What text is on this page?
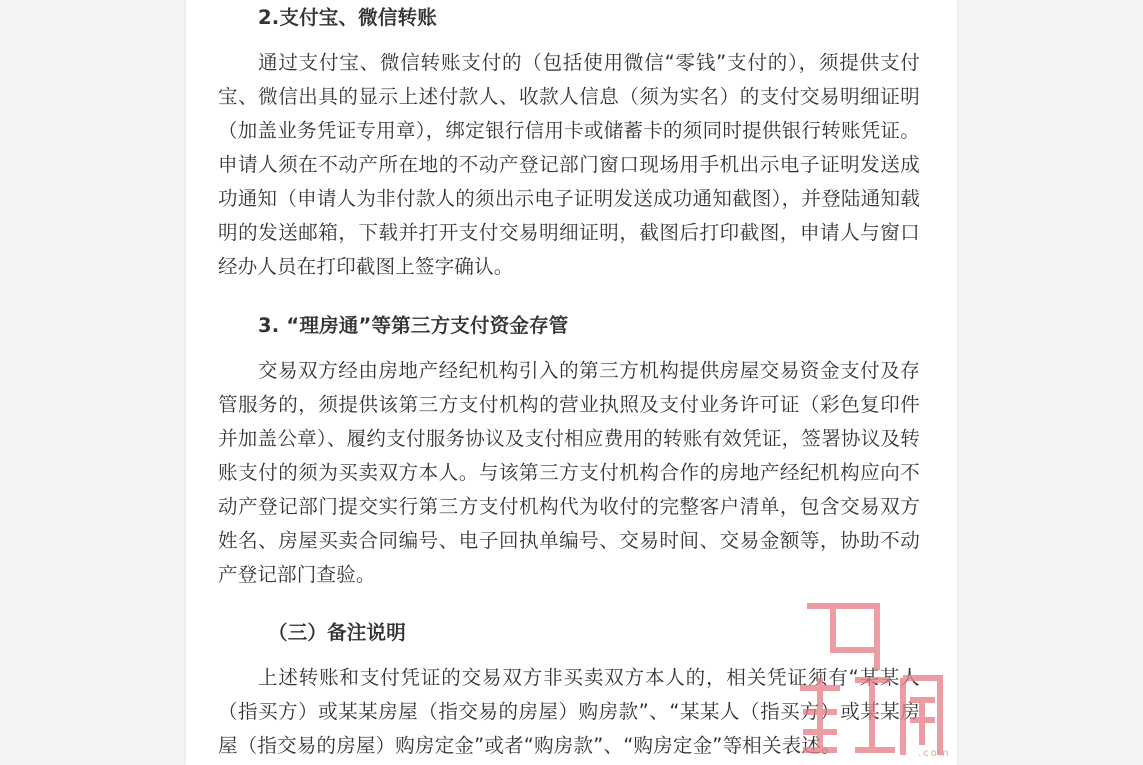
2.支付宝、微信转账

通过支付宝、微信转账支付的（包括使用微信“零钱”支付的），须提供支付宝、微信出具的显示上述付款人、收款人信息（须为实名）的支付交易明细证明（加盖业务凭证专用章），绑定银行信用卡或储蓄卡的须同时提供银行转账凭证。申请人须在不动产所在地的不动产登记部门窗口现场用手机出示电子证明发送成功通知（申请人为非付款人的须出示电子证明发送成功通知截图），并登陆通知载明的发送邮箱，下载并打开支付交易明细证明，截图后打印截图，申请人与窗口经办人员在打印截图上签字确认。

3. “理房通”等第三方支付资金存管

交易双方经由房地产经纪机构引入的第三方机构提供房屋交易资金支付及存管服务的，须提供该第三方支付机构的营业执照及支付业务许可证（彩色复印件并加盖公章）、履约支付服务协议及支付相应费用的转账有效凭证，签署协议及转账支付的须为买卖双方本人。与该第三方支付机构合作的房地产经纪机构应向不动产登记部门提交实行第三方支付机构代为收付的完整客户清单，包含交易双方姓名、房屋买卖合同编号、电子回执单编号、交易时间、交易金额等，协助不动产登记部门查验。

（三）备注说明

上述转账和支付凭证的交易双方非买卖双方本人的，相关凭证须有“某某人（指买方）或某某房屋（指交易的房屋）购房款”、“某某人（指买方）或某某房屋（指交易的房屋）购房定金”或者“购房款”、“购房定金”等相关表述。	.com
